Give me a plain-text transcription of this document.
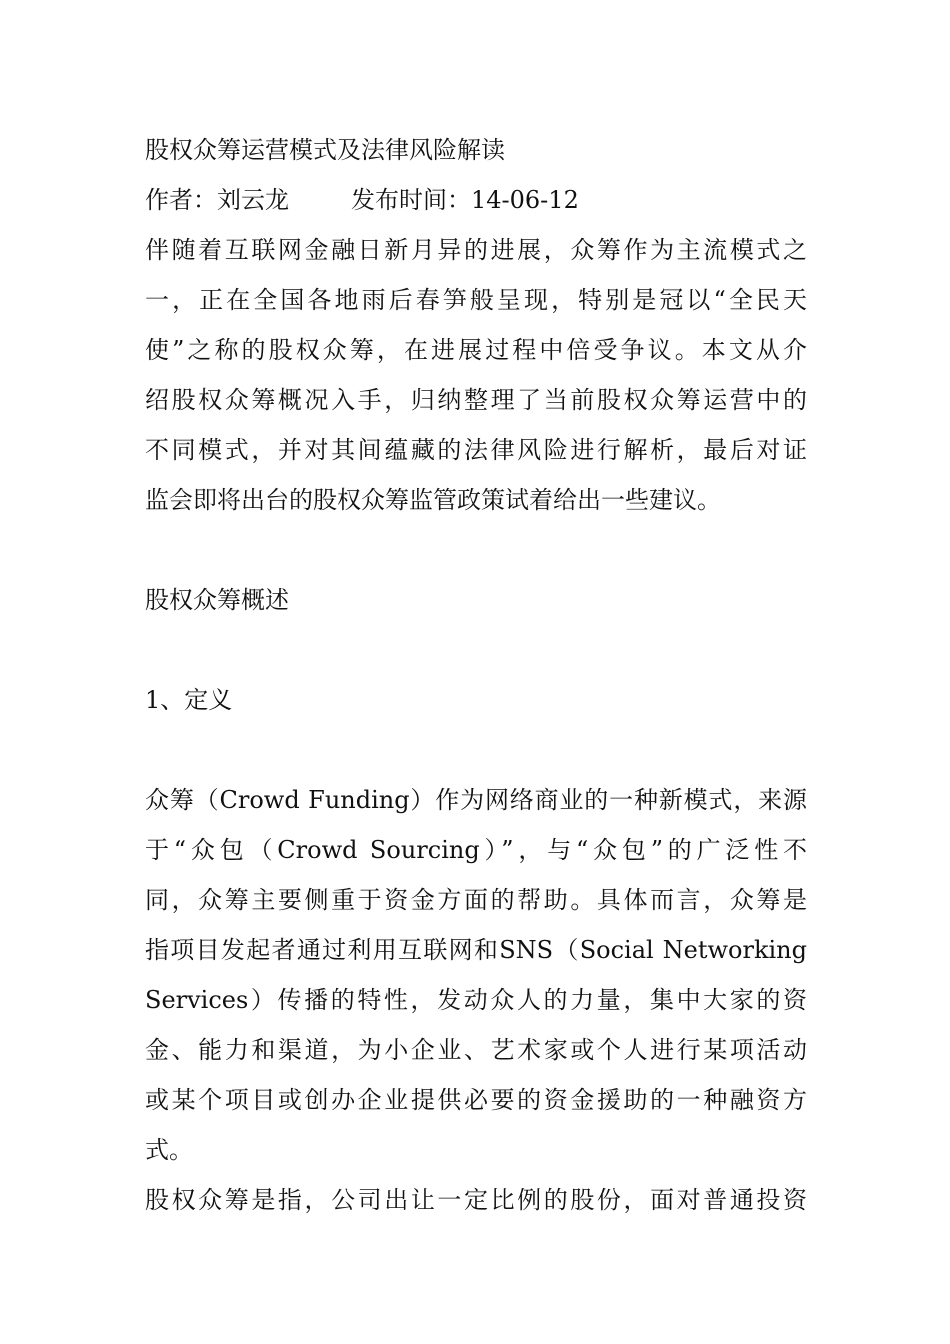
股权众筹运营模式及法律风险解读
作者：刘云龙	发布时间：14-06-12
伴随着互联网金融日新月异的进展，众筹作为主流模式之
一，正在全国各地雨后春笋般呈现，特别是冠以“全民天
使”之称的股权众筹，在进展过程中倍受争议。本文从介
绍股权众筹概况入手，归纳整理了当前股权众筹运营中的
不同模式，并对其间蕴藏的法律风险进行解析，最后对证
监会即将出台的股权众筹监管政策试着给出一些建议。
股权众筹概述
1、定义
众筹（Crowd Funding）作为网络商业的一种新模式，来源
于“众包（Crowd Sourcing）”，与“众包”的广泛性不
同，众筹主要侧重于资金方面的帮助。具体而言，众筹是
指项目发起者通过利用互联网和SNS（Social Networking
Services）传播的特性，发动众人的力量，集中大家的资
金、能力和渠道，为小企业、艺术家或个人进行某项活动
或某个项目或创办企业提供必要的资金援助的一种融资方
式。
股权众筹是指，公司出让一定比例的股份，面对普通投资
